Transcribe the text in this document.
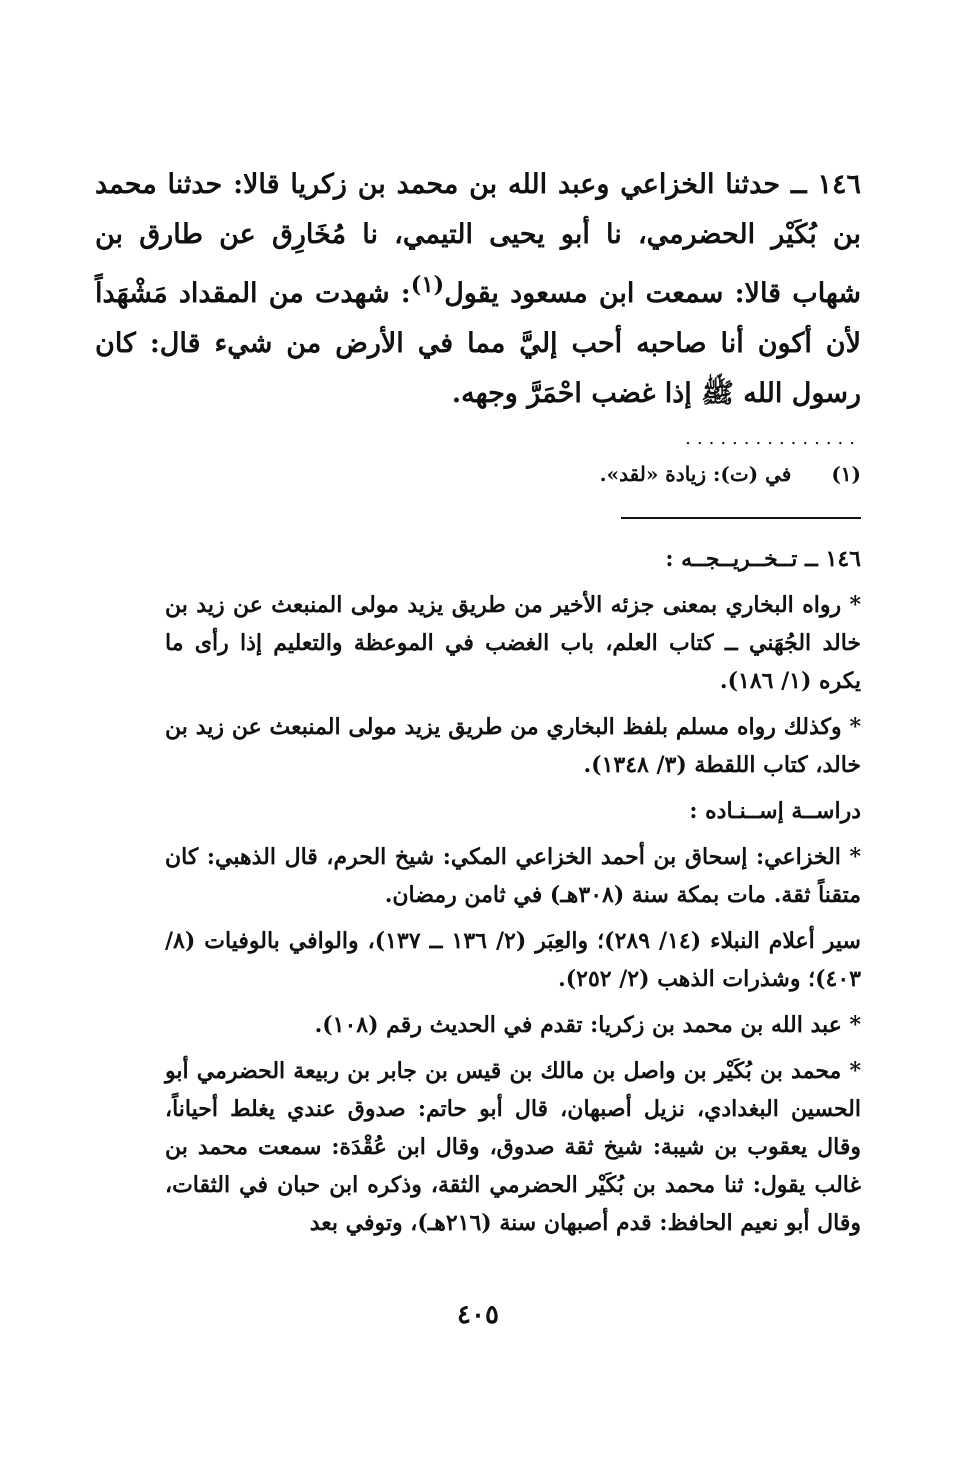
١٤٦ ــ حدثنا الخزاعي وعبد الله بن محمد بن زكريا قالا: حدثنا محمد بن بُكَيْر الحضرمي، نا أبو يحيى التيمي، نا مُخَارِق عن طارق بن شهاب قالا: سمعت ابن مسعود يقول$^{(١)}$: شهدت من المقداد مَشْهَداً لأن أكون أنا صاحبه أحب إليَّ مما في الأرض من شيء قال: كان رسول الله ﷺ إذا غضب احْمَرَّ وجهه.

...............
(١)
في (ت): زيادة «لقد».

١٤٦ ــ تــخــريــجــه :

* رواه البخاري بمعنى جزئه الأخير من طريق يزيد مولى المنبعث عن زيد بن خالد الجُهَني ــ كتاب العلم، باب الغضب في الموعظة والتعليم إذا رأى ما يكره (١/ ١٨٦).

* وكذلك رواه مسلم بلفظ البخاري من طريق يزيد مولى المنبعث عن زيد بن خالد، كتاب اللقطة (٣/ ١٣٤٨).

دراســة إســنـاده :

* الخزاعي: إسحاق بن أحمد الخزاعي المكي: شيخ الحرم، قال الذهبي: كان متقناً ثقة. مات بمكة سنة (٣٠٨هـ) في ثامن رمضان.

سير أعلام النبلاء (١٤/ ٢٨٩)؛ والعِبَر (٢/ ١٣٦ ــ ١٣٧)، والوافي بالوفيات (٨/ ٤٠٣)؛ وشذرات الذهب (٢/ ٢٥٢).

* عبد الله بن محمد بن زكريا: تقدم في الحديث رقم (١٠٨).

* محمد بن بُكَيْر بن واصل بن مالك بن قيس بن جابر بن ربيعة الحضرمي أبو الحسين البغدادي، نزيل أصبهان، قال أبو حاتم: صدوق عندي يغلط أحياناً، وقال يعقوب بن شيبة: شيخ ثقة صدوق، وقال ابن عُقْدَة: سمعت محمد بن غالب يقول: ثنا محمد بن بُكَيْر الحضرمي الثقة، وذكره ابن حبان في الثقات، وقال أبو نعيم الحافظ: قدم أصبهان سنة (٢١٦هـ)، وتوفي بعد

٤٠٥
